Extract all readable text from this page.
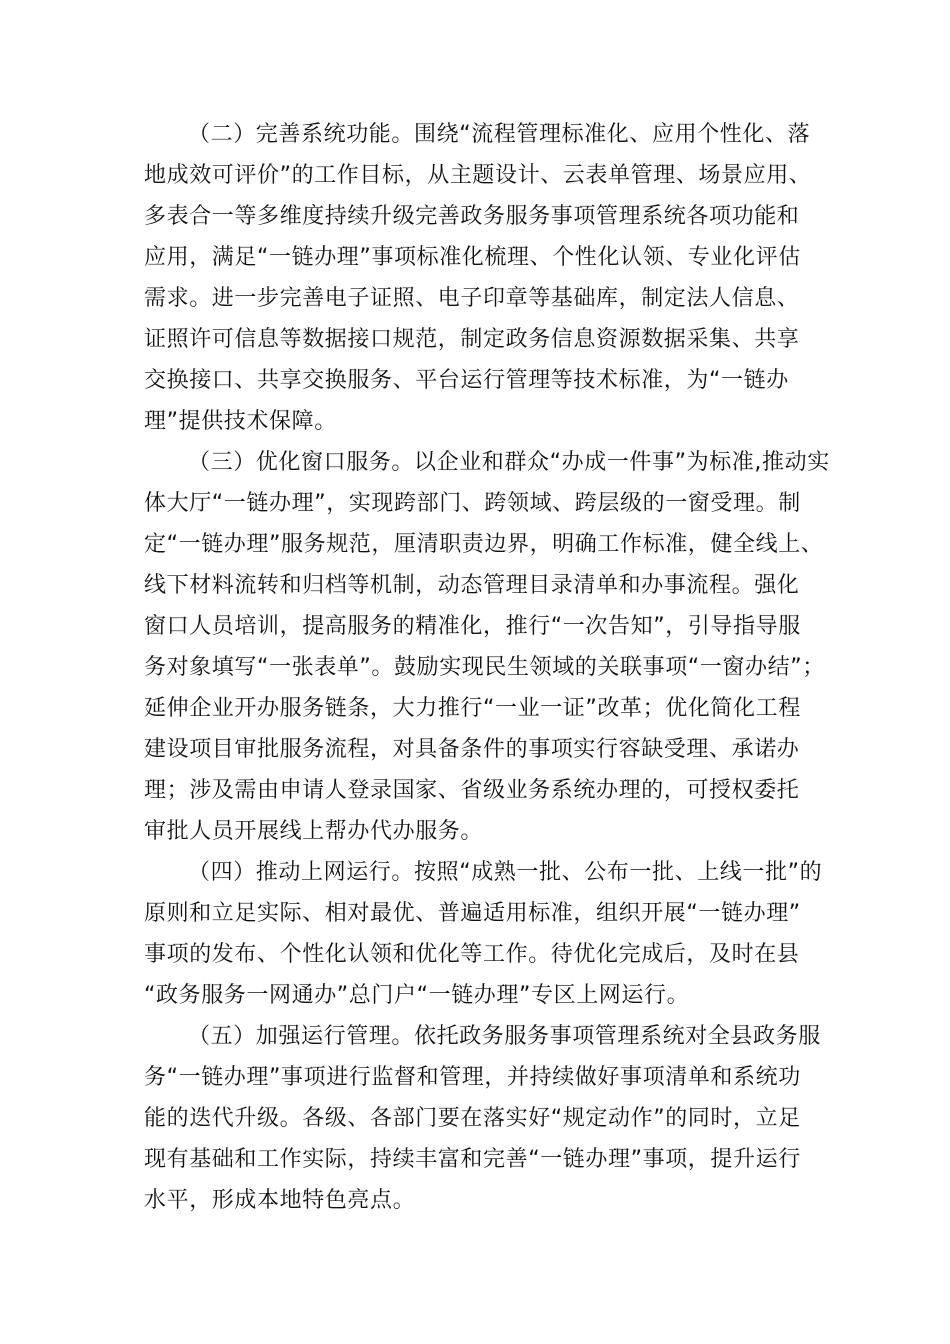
（二）完善系统功能。围绕“流程管理标准化、应用个性化、落
地成效可评价”的工作目标，从主题设计、云表单管理、场景应用、
多表合一等多维度持续升级完善政务服务事项管理系统各项功能和
应用，满足“一链办理”事项标准化梳理、个性化认领、专业化评估
需求。进一步完善电子证照、电子印章等基础库，制定法人信息、
证照许可信息等数据接口规范，制定政务信息资源数据采集、共享
交换接口、共享交换服务、平台运行管理等技术标准，为“一链办
理”提供技术保障。
（三）优化窗口服务。以企业和群众“办成一件事”为标准,推动实
体大厅“一链办理”，实现跨部门、跨领域、跨层级的一窗受理。制
定“一链办理”服务规范，厘清职责边界，明确工作标准，健全线上、
线下材料流转和归档等机制，动态管理目录清单和办事流程。强化
窗口人员培训，提高服务的精准化，推行“一次告知”，引导指导服
务对象填写“一张表单”。鼓励实现民生领域的关联事项“一窗办结”；
延伸企业开办服务链条，大力推行“一业一证”改革；优化简化工程
建设项目审批服务流程，对具备条件的事项实行容缺受理、承诺办
理；涉及需由申请人登录国家、省级业务系统办理的，可授权委托
审批人员开展线上帮办代办服务。
（四）推动上网运行。按照“成熟一批、公布一批、上线一批”的
原则和立足实际、相对最优、普遍适用标准，组织开展“一链办理”
事项的发布、个性化认领和优化等工作。待优化完成后，及时在县
“政务服务一网通办”总门户“一链办理”专区上网运行。
（五）加强运行管理。依托政务服务事项管理系统对全县政务服
务“一链办理”事项进行监督和管理，并持续做好事项清单和系统功
能的迭代升级。各级、各部门要在落实好“规定动作”的同时，立足
现有基础和工作实际，持续丰富和完善“一链办理”事项，提升运行
水平，形成本地特色亮点。
